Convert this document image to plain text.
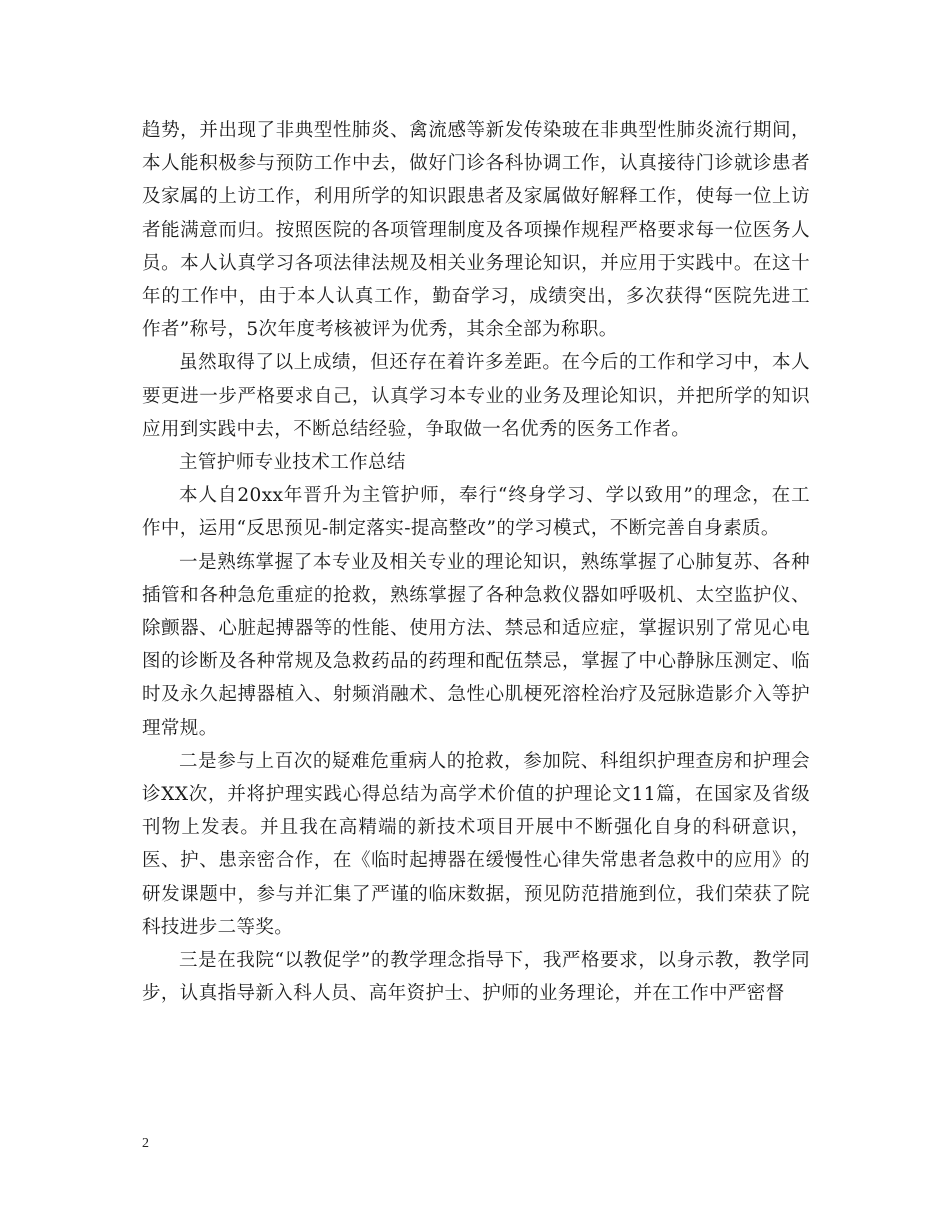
趋势，并出现了非典型性肺炎、禽流感等新发传染玻在非典型性肺炎流行期间，本人能积极参与预防工作中去，做好门诊各科协调工作，认真接待门诊就诊患者及家属的上访工作，利用所学的知识跟患者及家属做好解释工作，使每一位上访者能满意而归。按照医院的各项管理制度及各项操作规程严格要求每一位医务人员。本人认真学习各项法律法规及相关业务理论知识，并应用于实践中。在这十年的工作中，由于本人认真工作，勤奋学习，成绩突出，多次获得“医院先进工作者”称号，5次年度考核被评为优秀，其余全部为称职。

虽然取得了以上成绩，但还存在着许多差距。在今后的工作和学习中，本人要更进一步严格要求自己，认真学习本专业的业务及理论知识，并把所学的知识应用到实践中去，不断总结经验，争取做一名优秀的医务工作者。

主管护师专业技术工作总结

本人自20xx年晋升为主管护师，奉行“终身学习、学以致用”的理念，在工作中，运用“反思预见-制定落实-提高整改”的学习模式，不断完善自身素质。

一是熟练掌握了本专业及相关专业的理论知识，熟练掌握了心肺复苏、各种插管和各种急危重症的抢救，熟练掌握了各种急救仪器如呼吸机、太空监护仪、除颤器、心脏起搏器等的性能、使用方法、禁忌和适应症，掌握识别了常见心电图的诊断及各种常规及急救药品的药理和配伍禁忌，掌握了中心静脉压测定、临时及永久起搏器植入、射频消融术、急性心肌梗死溶栓治疗及冠脉造影介入等护理常规。

二是参与上百次的疑难危重病人的抢救，参加院、科组织护理查房和护理会诊XX次，并将护理实践心得总结为高学术价值的护理论文11篇，在国家及省级刊物上发表。并且我在高精端的新技术项目开展中不断强化自身的科研意识，医、护、患亲密合作，在《临时起搏器在缓慢性心律失常患者急救中的应用》的研发课题中，参与并汇集了严谨的临床数据，预见防范措施到位，我们荣获了院科技进步二等奖。

三是在我院“以教促学”的教学理念指导下，我严格要求，以身示教，教学同步，认真指导新入科人员、高年资护士、护师的业务理论，并在工作中严密督

2
